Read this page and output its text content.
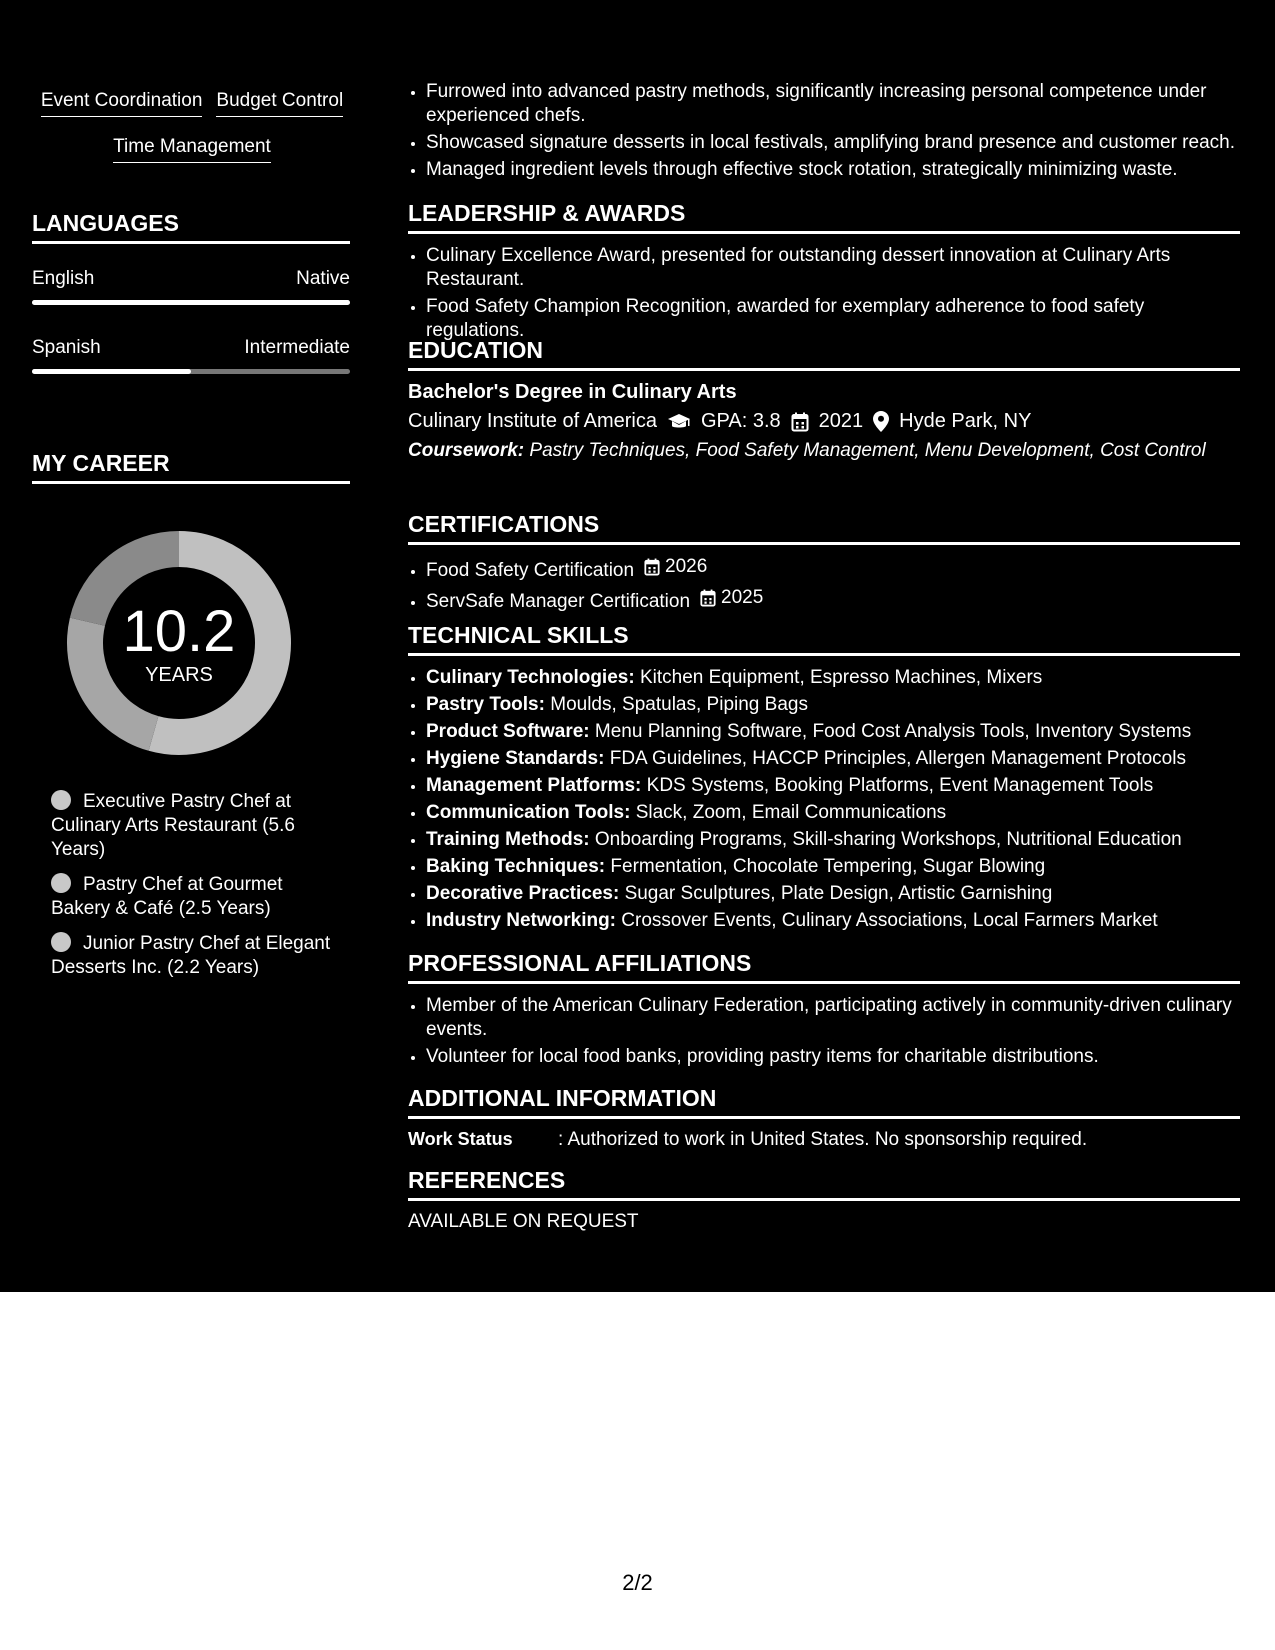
Event Coordination Budget Control
Time Management
LANGUAGES
English	Native
Spanish	Intermediate
MY CAREER
10.2
YEARS
Executive Pastry Chef at Culinary Arts Restaurant (5.6 Years)
Pastry Chef at Gourmet Bakery & Café (2.5 Years)
Junior Pastry Chef at Elegant Desserts Inc. (2.2 Years)
• Furrowed into advanced pastry methods, significantly increasing personal competence under experienced chefs.
• Showcased signature desserts in local festivals, amplifying brand presence and customer reach.
• Managed ingredient levels through effective stock rotation, strategically minimizing waste.
LEADERSHIP & AWARDS
• Culinary Excellence Award, presented for outstanding dessert innovation at Culinary Arts Restaurant.
• Food Safety Champion Recognition, awarded for exemplary adherence to food safety regulations.
EDUCATION
Bachelor's Degree in Culinary Arts
Culinary Institute of America GPA: 3.8 2021 Hyde Park, NY
Coursework: Pastry Techniques, Food Safety Management, Menu Development, Cost Control
CERTIFICATIONS
• Food Safety Certification 2026
• ServSafe Manager Certification 2025
TECHNICAL SKILLS
• Culinary Technologies: Kitchen Equipment, Espresso Machines, Mixers
• Pastry Tools: Moulds, Spatulas, Piping Bags
• Product Software: Menu Planning Software, Food Cost Analysis Tools, Inventory Systems
• Hygiene Standards: FDA Guidelines, HACCP Principles, Allergen Management Protocols
• Management Platforms: KDS Systems, Booking Platforms, Event Management Tools
• Communication Tools: Slack, Zoom, Email Communications
• Training Methods: Onboarding Programs, Skill-sharing Workshops, Nutritional Education
• Baking Techniques: Fermentation, Chocolate Tempering, Sugar Blowing
• Decorative Practices: Sugar Sculptures, Plate Design, Artistic Garnishing
• Industry Networking: Crossover Events, Culinary Associations, Local Farmers Market
PROFESSIONAL AFFILIATIONS
• Member of the American Culinary Federation, participating actively in community-driven culinary events.
• Volunteer for local food banks, providing pastry items for charitable distributions.
ADDITIONAL INFORMATION
Work Status	: Authorized to work in United States. No sponsorship required.
REFERENCES
AVAILABLE ON REQUEST
2/2
